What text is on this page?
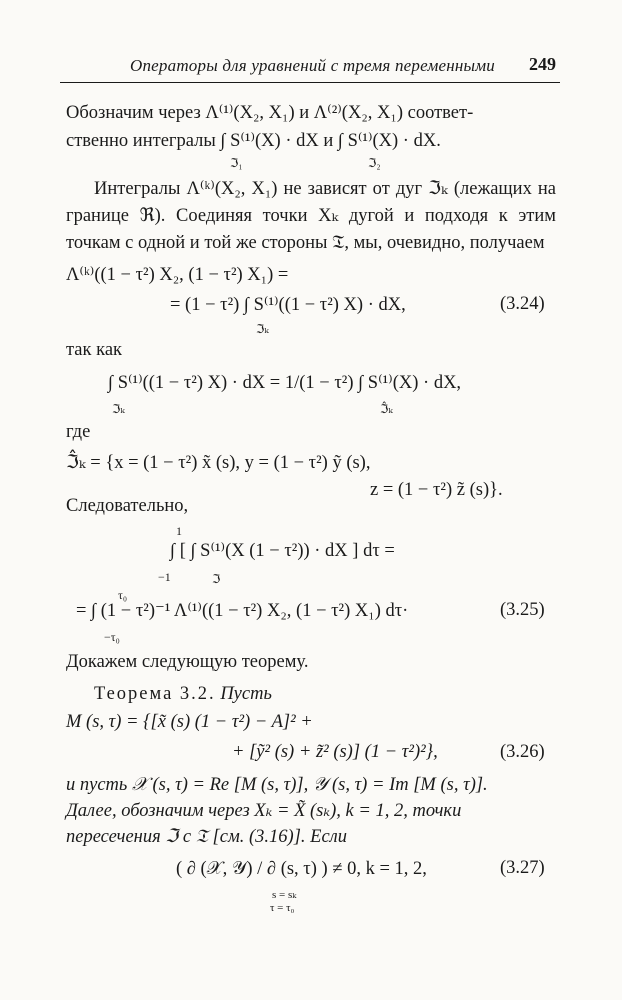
Операторы для уравнений с тремя переменными 249
Обозначим через Λ⁽¹⁾(X₂, X₁) и Λ⁽²⁾(X₂, X₁) соответ-
ственно интегралы ∫ S⁽¹⁾(X) · dX и ∫ S⁽¹⁾(X) · dX.
ℑ₁	ℑ₂
Интегралы Λ⁽ᵏ⁾(X₂, X₁) не зависят от дуг ℑₖ (лежащих на границе ℜ). Соединяя точки Xₖ дугой и подходя к этим точкам с одной и той же стороны 𝔗, мы, очевидно, получаем
Λ⁽ᵏ⁾((1 − τ²) X₂, (1 − τ²) X₁) =
= (1 − τ²) ∫ S⁽¹⁾((1 − τ²) X) · dX,
ℑₖ
(3.24)
так как
∫ S⁽¹⁾((1 − τ²) X) · dX = 1/(1 − τ²) ∫ S⁽¹⁾(X) · dX,
ℑₖ	ℑ̂ₖ
где
ℑ̂ₖ = {x = (1 − τ²) x̃ (s), y = (1 − τ²) ỹ (s),
z = (1 − τ²) z̃ (s)}.
Следовательно,
1
∫ [ ∫ S⁽¹⁾(X (1 − τ²)) · dX ] dτ =
−1	ℑ
τ₀
= ∫ (1 − τ²)⁻¹ Λ⁽¹⁾((1 − τ²) X₂, (1 − τ²) X₁) dτ·
−τ₀
(3.25)
Докажем следующую теорему.
Теорема 3.2. Пусть
M (s, τ) = {[x̃ (s) (1 − τ²) − A]² +
+ [ỹ² (s) + z̃² (s)] (1 − τ²)²},	(3.26)
и пусть 𝒳 (s, τ) = Re [M (s, τ)], 𝒴 (s, τ) = Im [M (s, τ)].
Далее, обозначим через Xₖ = X̃ (sₖ), k = 1, 2, точки
пересечения ℑ с 𝔗 [см. (3.16)]. Если
( ∂ (𝒳, 𝒴) / ∂ (s, τ) ) ≠ 0, k = 1, 2,
s = sₖ
τ = τ₀
(3.27)
